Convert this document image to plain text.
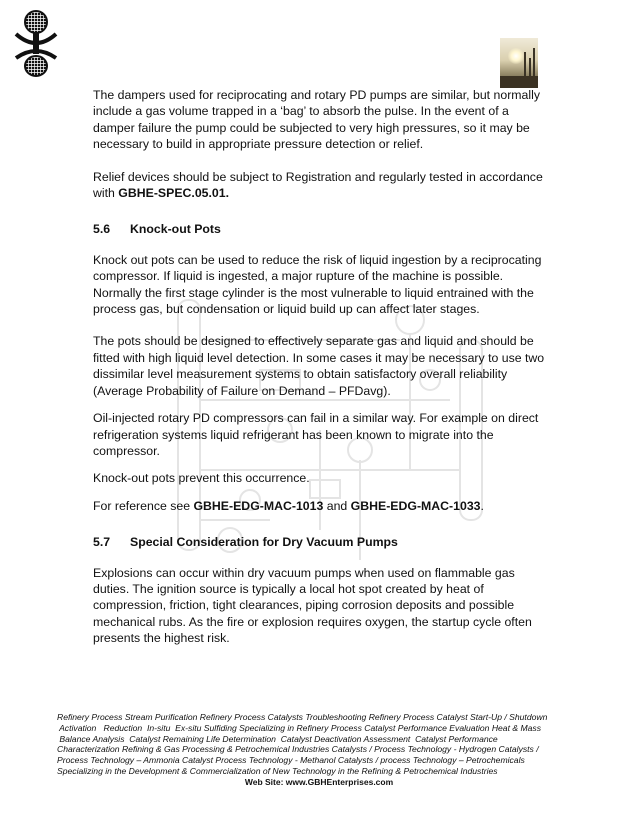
The dampers used for reciprocating and rotary PD pumps are similar, but normally include a gas volume trapped in a ‘bag’ to absorb the pulse. In the event of a damper failure the pump could be subjected to very high pressures, so it may be necessary to build in appropriate pressure detection or relief.

Relief devices should be subject to Registration and regularly tested in accordance with GBHE-SPEC.05.01.

5.6	Knock-out Pots

Knock out pots can be used to reduce the risk of liquid ingestion by a reciprocating compressor. If liquid is ingested, a major rupture of the machine is possible. Normally the first stage cylinder is the most vulnerable to liquid entrained with the process gas, but condensation or liquid build up can affect later stages.

The pots should be designed to effectively separate gas and liquid and should be fitted with high liquid level detection. In some cases it may be necessary to use two dissimilar level measurement systems to obtain satisfactory overall reliability (Average Probability of Failure on Demand – PFDavg).

Oil-injected rotary PD compressors can fail in a similar way. For example on direct refrigeration systems liquid refrigerant has been known to migrate into the compressor.

Knock-out pots prevent this occurrence.

For reference see GBHE-EDG-MAC-1013 and GBHE-EDG-MAC-1033.

5.7	Special Consideration for Dry Vacuum Pumps

Explosions can occur within dry vacuum pumps when used on flammable gas duties. The ignition source is typically a local hot spot created by heat of compression, friction, tight clearances, piping corrosion deposits and possible mechanical rubs. As the fire or explosion requires oxygen, the startup cycle often presents the highest risk.

Refinery Process Stream Purification Refinery Process Catalysts Troubleshooting Refinery Process Catalyst Start-Up / Shutdown
Activation   Reduction  In-situ  Ex-situ Sulfiding Specializing in Refinery Process Catalyst Performance Evaluation Heat & Mass
Balance Analysis  Catalyst Remaining Life Determination  Catalyst Deactivation Assessment  Catalyst Performance
Characterization Refining & Gas Processing & Petrochemical Industries Catalysts / Process Technology - Hydrogen Catalysts /
Process Technology – Ammonia Catalyst Process Technology - Methanol Catalysts / process Technology – Petrochemicals
Specializing in the Development & Commercialization of New Technology in the Refining & Petrochemical Industries
Web Site: www.GBHEnterprises.com
